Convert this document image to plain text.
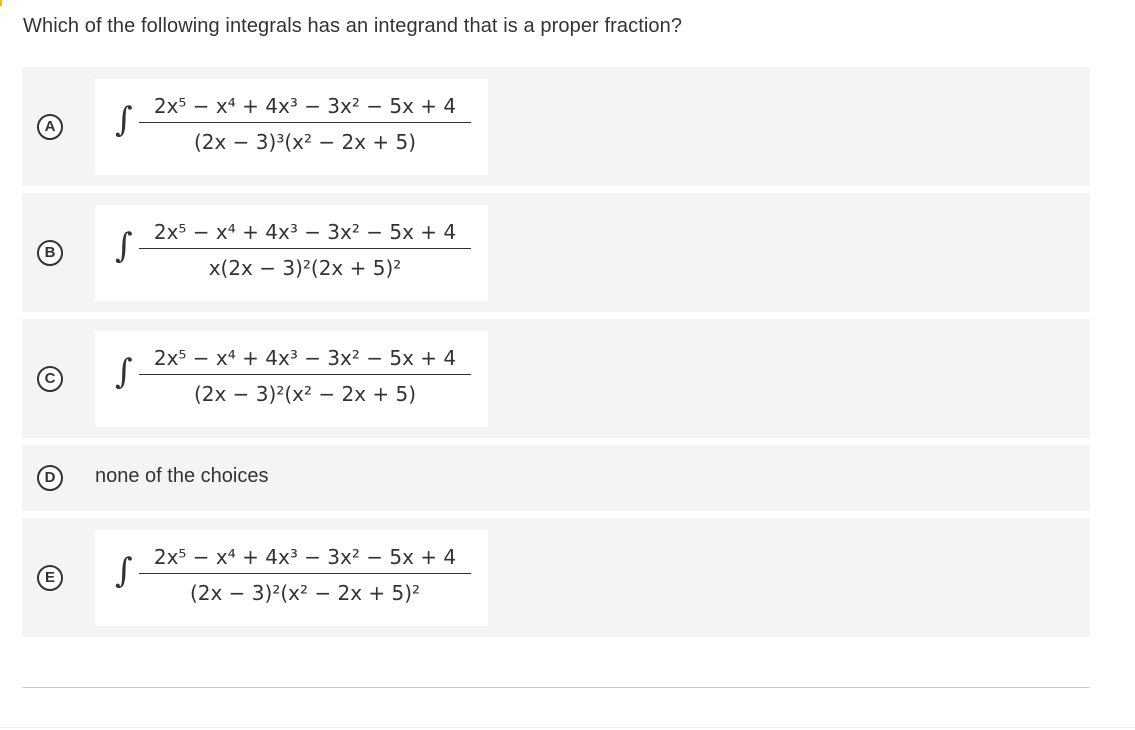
Which of the following integrals has an integrand that is a proper fraction?
A ∫	2x⁵ − x⁴ + 4x³ − 3x² − 5x + 4
(2x − 3)³(x² − 2x + 5)
B ∫	2x⁵ − x⁴ + 4x³ − 3x² − 5x + 4
x(2x − 3)²(2x + 5)²
C ∫	2x⁵ − x⁴ + 4x³ − 3x² − 5x + 4
(2x − 3)²(x² − 2x + 5)
D	none of the choices
E ∫	2x⁵ − x⁴ + 4x³ − 3x² − 5x + 4
(2x − 3)²(x² − 2x + 5)²
